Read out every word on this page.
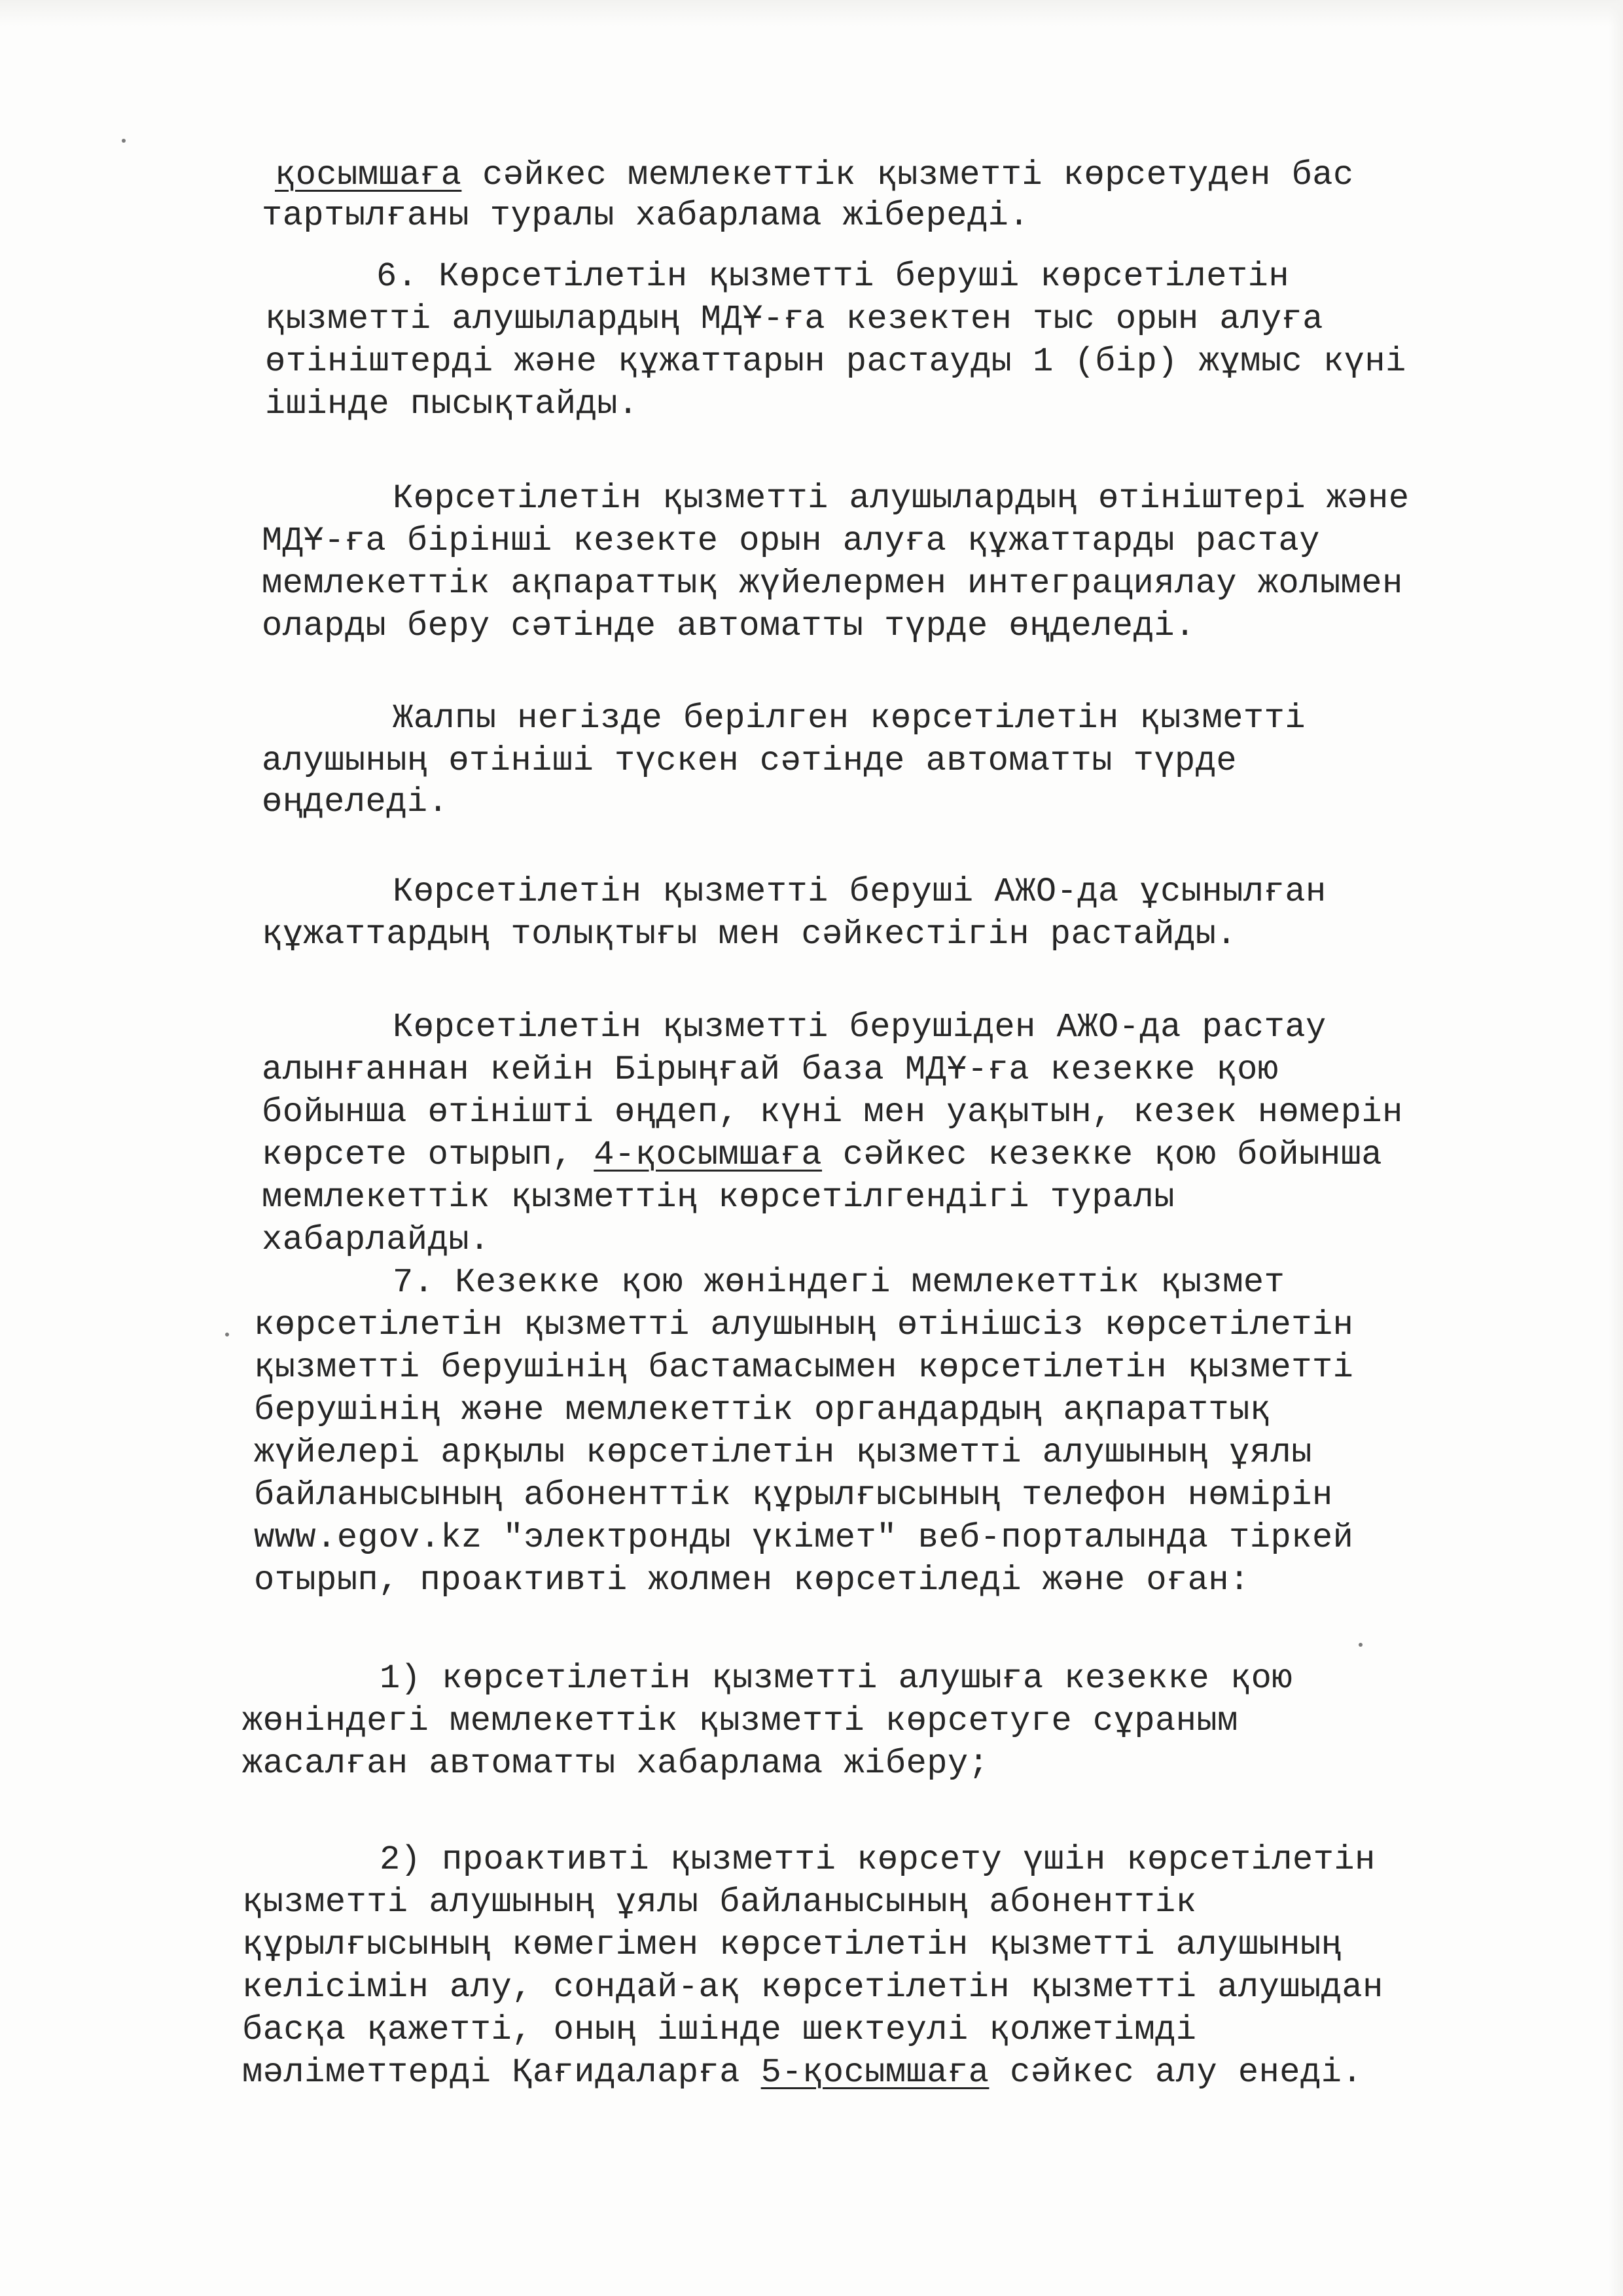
қосымшаға сәйкес мемлекеттік қызметті көрсетуден бас
тартылғаны туралы хабарлама жібереді.
6. Көрсетілетін қызметті беруші көрсетілетін
қызметті алушылардың МДҰ-ға кезектен тыс орын алуға
өтініштерді және құжаттарын растауды 1 (бір) жұмыс күні
ішінде пысықтайды.
Көрсетілетін қызметті алушылардың өтініштері және
МДҰ-ға бірінші кезекте орын алуға құжаттарды растау
мемлекеттік ақпараттық жүйелермен интеграциялау жолымен
оларды беру сәтінде автоматты түрде өңделеді.
Жалпы негізде берілген көрсетілетін қызметті
алушының өтініші түскен сәтінде автоматты түрде
өңделеді.
Көрсетілетін қызметті беруші АЖО-да ұсынылған
құжаттардың толықтығы мен сәйкестігін растайды.
Көрсетілетін қызметті берушіден АЖО-да растау
алынғаннан кейін Бірыңғай база МДҰ-ға кезекке қою
бойынша өтінішті өңдеп, күні мен уақытын, кезек нөмерін
көрсете отырып, 4-қосымшаға сәйкес кезекке қою бойынша
мемлекеттік қызметтің көрсетілгендігі туралы
хабарлайды.
7. Кезекке қою жөніндегі мемлекеттік қызмет
көрсетілетін қызметті алушының өтінішсіз көрсетілетін
қызметті берушінің бастамасымен көрсетілетін қызметті
берушінің және мемлекеттік органдардың ақпараттық
жүйелері арқылы көрсетілетін қызметті алушының ұялы
байланысының абоненттік құрылғысының телефон нөмірін
www.egov.kz "электронды үкімет" веб-порталында тіркей
отырып, проактивті жолмен көрсетіледі және оған:
1) көрсетілетін қызметті алушыға кезекке қою
жөніндегі мемлекеттік қызметті көрсетуге сұраным
жасалған автоматты хабарлама жіберу;
2) проактивті қызметті көрсету үшін көрсетілетін
қызметті алушының ұялы байланысының абоненттік
құрылғысының көмегімен көрсетілетін қызметті алушының
келісімін алу, сондай-ақ көрсетілетін қызметті алушыдан
басқа қажетті, оның ішінде шектеулі қолжетімді
мәліметтерді Қағидаларға 5-қосымшаға сәйкес алу енеді.
